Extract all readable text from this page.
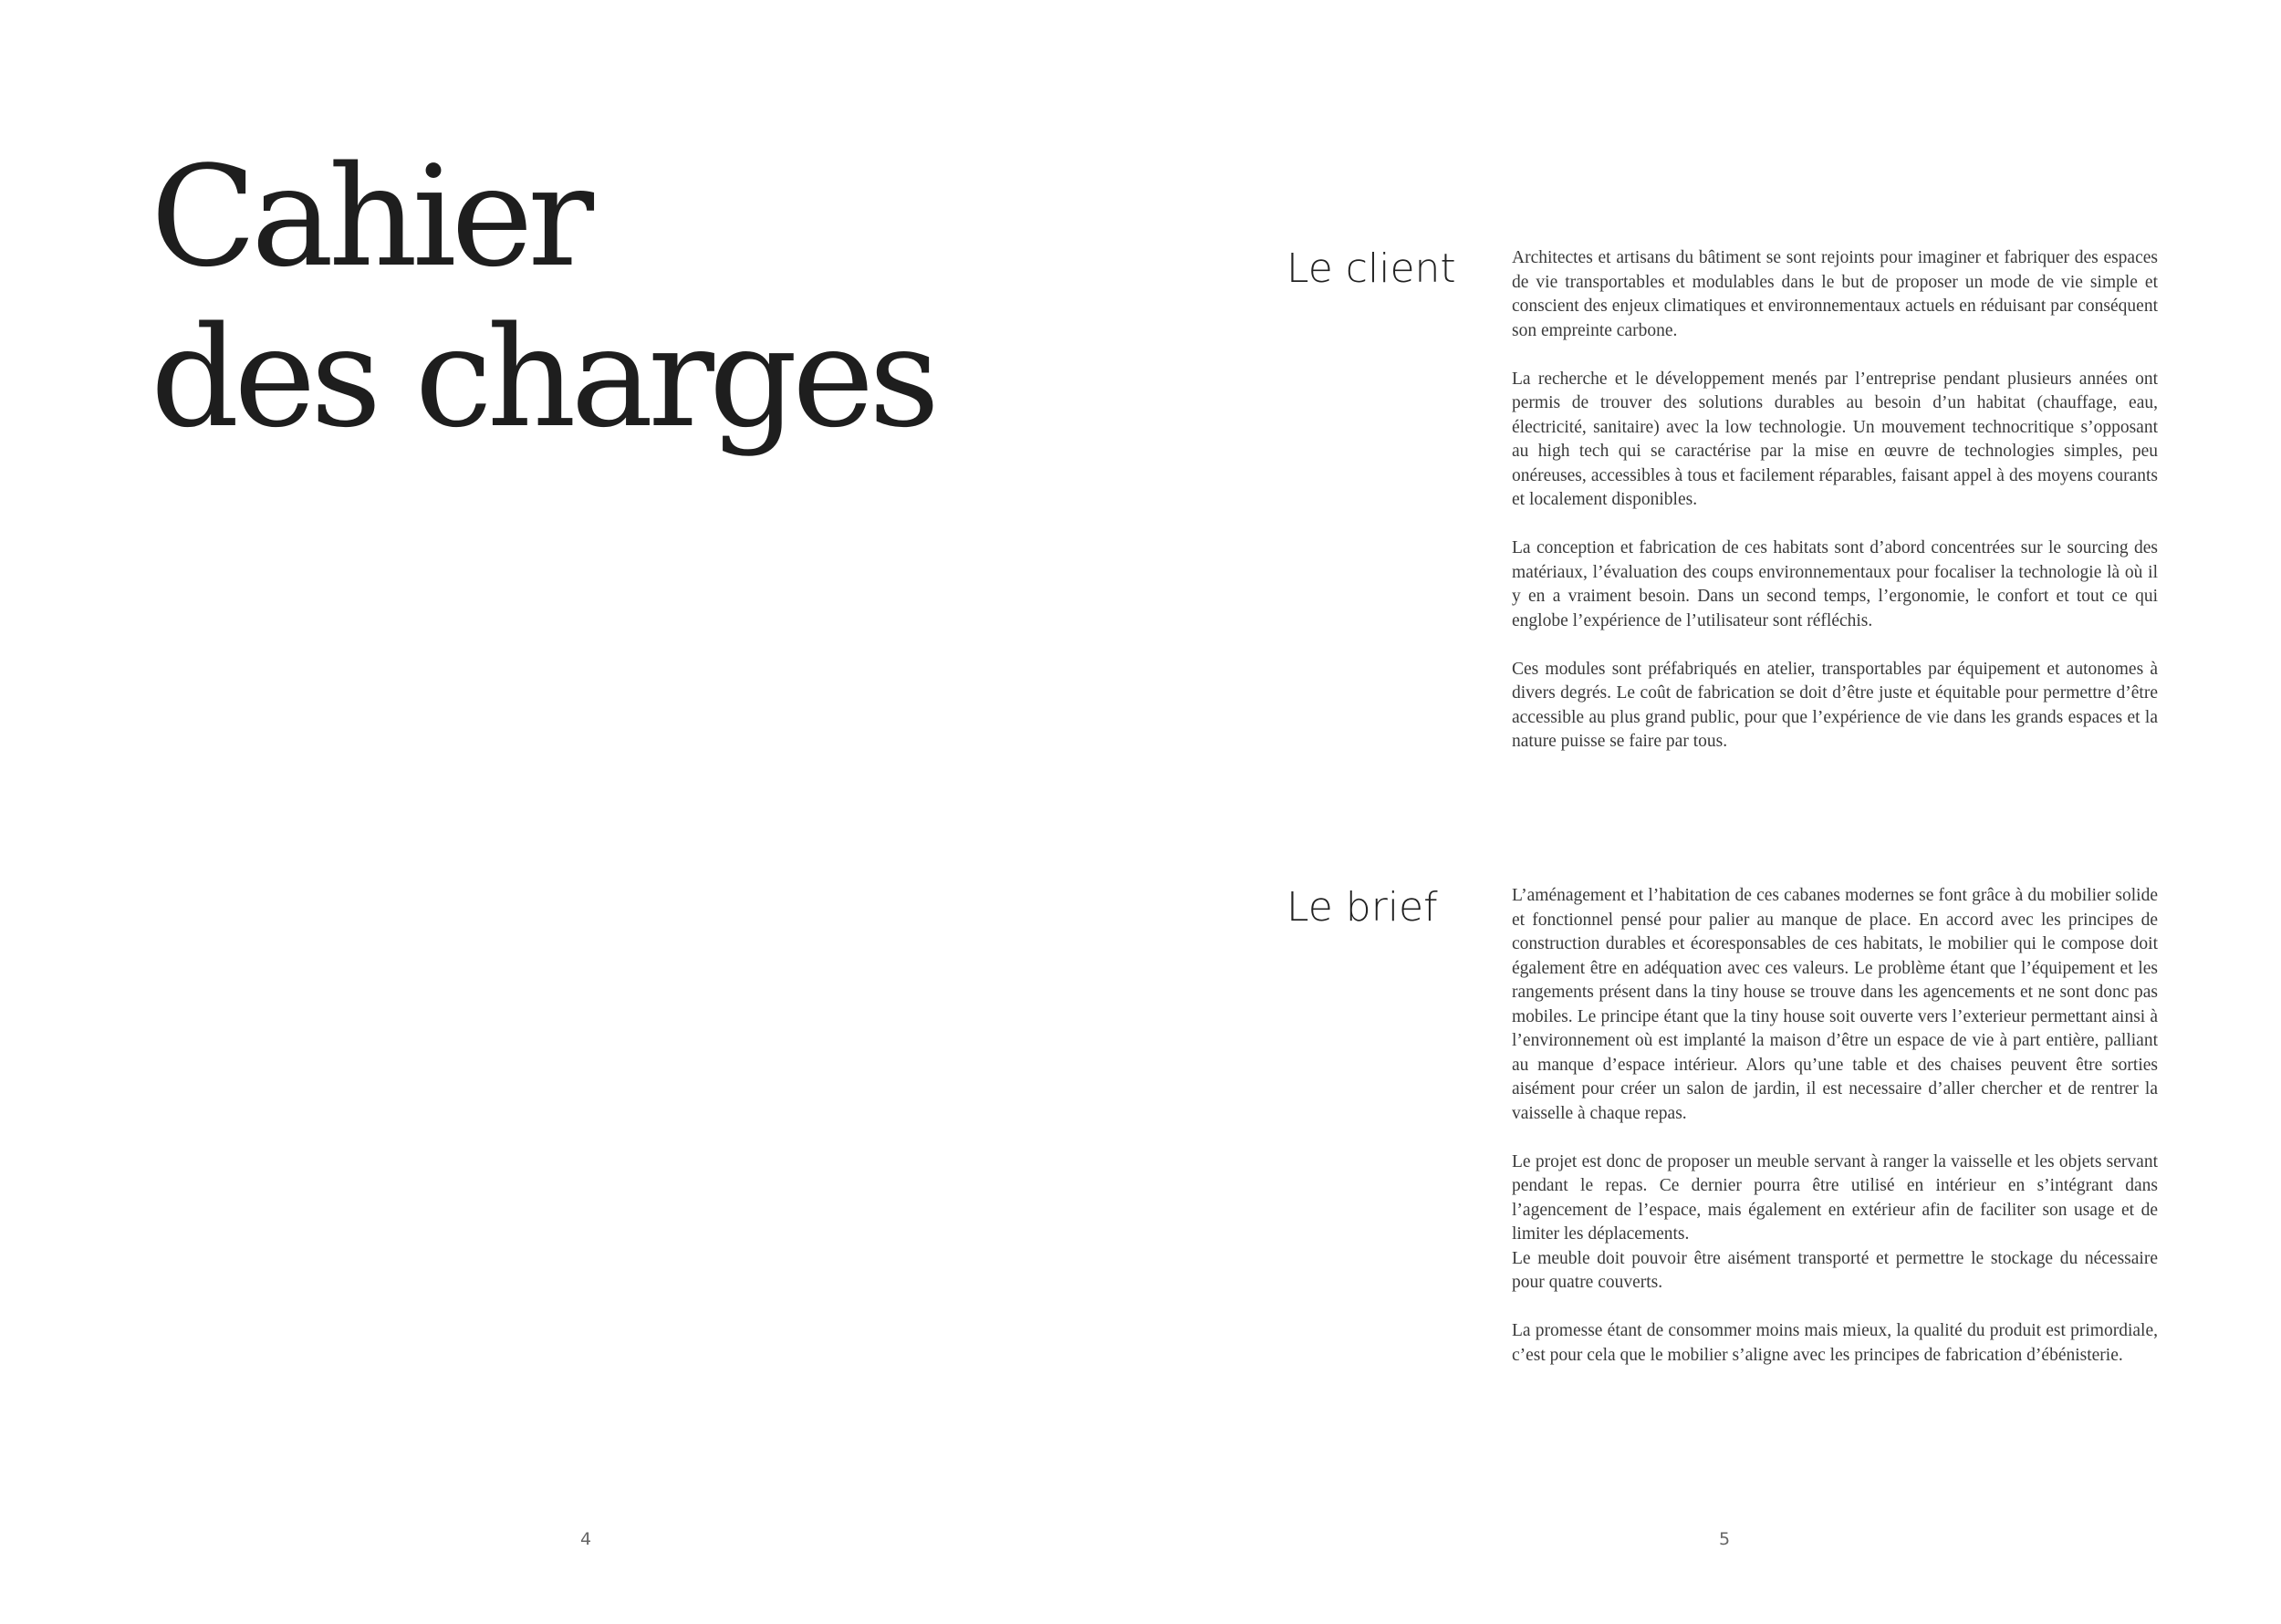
Cahier
des charges
4
Le client	Architectes et artisans du bâtiment se sont rejoints pour imaginer et fabriquer des espaces de vie transportables et modulables dans le but de proposer un mode de vie simple et conscient des enjeux climatiques et environnementaux actuels en réduisant par conséquent son empreinte carbone.

La recherche et le développement menés par l’entreprise pendant plusieurs années ont permis de trouver des solutions durables au besoin d’un habitat (chauffage, eau, électricité, sanitaire) avec la low technologie. Un mouvement technocritique s’opposant au high tech qui se caractérise par la mise en œuvre de technologies simples, peu onéreuses, accessibles à tous et facilement réparables, faisant appel à des moyens courants et localement disponibles.

La conception et fabrication de ces habitats sont d’abord concentrées sur le sourcing des matériaux, l’évaluation des coups environnementaux pour focaliser la technologie là où il y en a vraiment besoin. Dans un second temps, l’ergonomie, le confort et tout ce qui englobe l’expérience de l’utilisateur sont réfléchis.

Ces modules sont préfabriqués en atelier, transportables par équipement et autonomes à divers degrés. Le coût de fabrication se doit d’être juste et équitable pour permettre d’être accessible au plus grand public, pour que l’expérience de vie dans les grands espaces et la nature puisse se faire par tous.

Le brief	L’aménagement et l’habitation de ces cabanes modernes se font grâce à du mobilier solide et fonctionnel pensé pour palier au manque de place. En accord avec les principes de construction durables et écoresponsables de ces habitats, le mobilier qui le compose doit également être en adéquation avec ces valeurs. Le problème étant que l’équipement et les rangements présent dans la tiny house se trouve dans les agencements et ne sont donc pas mobiles. Le principe étant que la tiny house soit ouverte vers l’exterieur permettant ainsi à l’environnement où est implanté la maison d’être un espace de vie à part entière, palliant au manque d’espace intérieur. Alors qu’une table et des chaises peuvent être sorties aisément pour créer un salon de jardin, il est necessaire d’aller chercher et de rentrer la vaisselle à chaque repas.

Le projet est donc de proposer un meuble servant à ranger la vaisselle et les objets servant pendant le repas. Ce dernier pourra être utilisé en intérieur en s’intégrant dans l’agencement de l’espace, mais également en extérieur afin de faciliter son usage et de limiter les déplacements.

Le meuble doit pouvoir être aisément transporté et permettre le stockage du nécessaire pour quatre couverts.

La promesse étant de consommer moins mais mieux, la qualité du produit est primordiale, c’est pour cela que le mobilier s’aligne avec les principes de fabrication d’ébénisterie.

5
